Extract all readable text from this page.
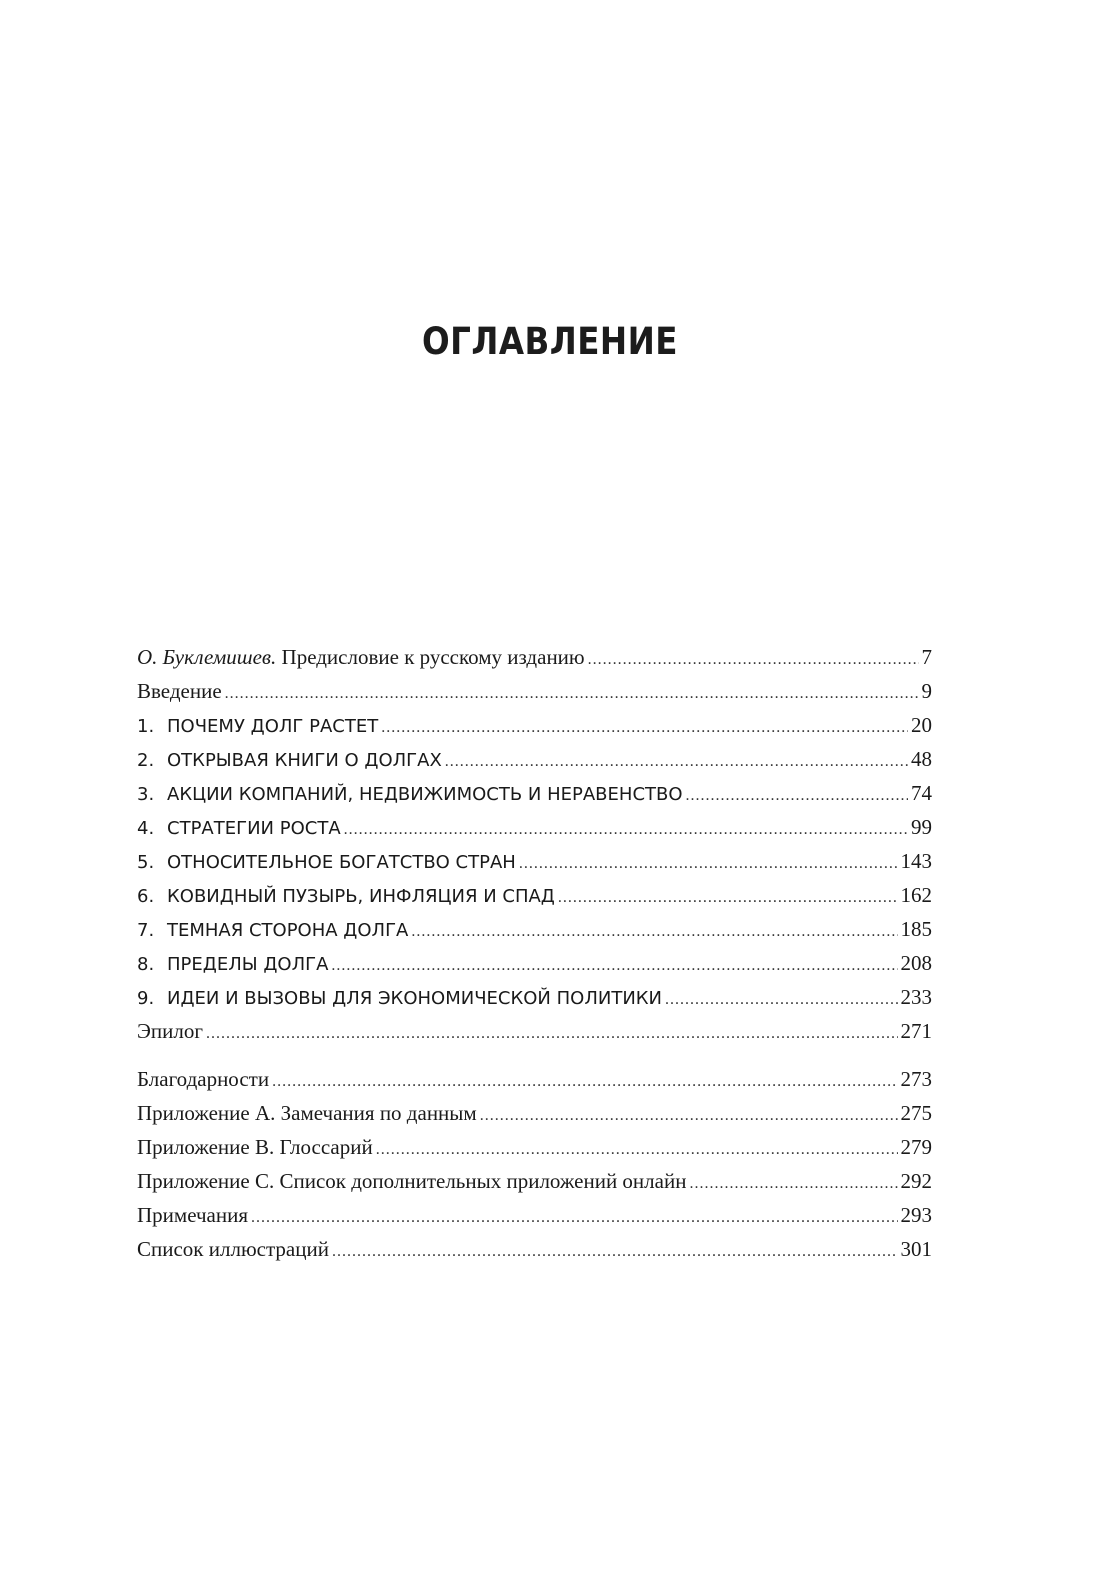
ОГЛАВЛЕНИЕ
О. Буклемишев. Предисловие к русскому изданию .....	7
Введение .....	9
1. ПОЧЕМУ ДОЛГ РАСТЕТ .....	20
2. ОТКРЫВАЯ КНИГИ О ДОЛГАХ .....	48
3. АКЦИИ КОМПАНИЙ, НЕДВИЖИМОСТЬ И НЕРАВЕНСТВО .....	74
4. СТРАТЕГИИ РОСТА .....	99
5. ОТНОСИТЕЛЬНОЕ БОГАТСТВО СТРАН .....	143
6. КОВИДНЫЙ ПУЗЫРЬ, ИНФЛЯЦИЯ И СПАД .....	162
7. ТЕМНАЯ СТОРОНА ДОЛГА .....	185
8. ПРЕДЕЛЫ ДОЛГА .....	208
9. ИДЕИ И ВЫЗОВЫ ДЛЯ ЭКОНОМИЧЕСКОЙ ПОЛИТИКИ .....	233
Эпилог .....	271
Благодарности .....	273
Приложение А. Замечания по данным .....	275
Приложение В. Глоссарий .....	279
Приложение С. Список дополнительных приложений онлайн .....	292
Примечания .....	293
Список иллюстраций .....	301
